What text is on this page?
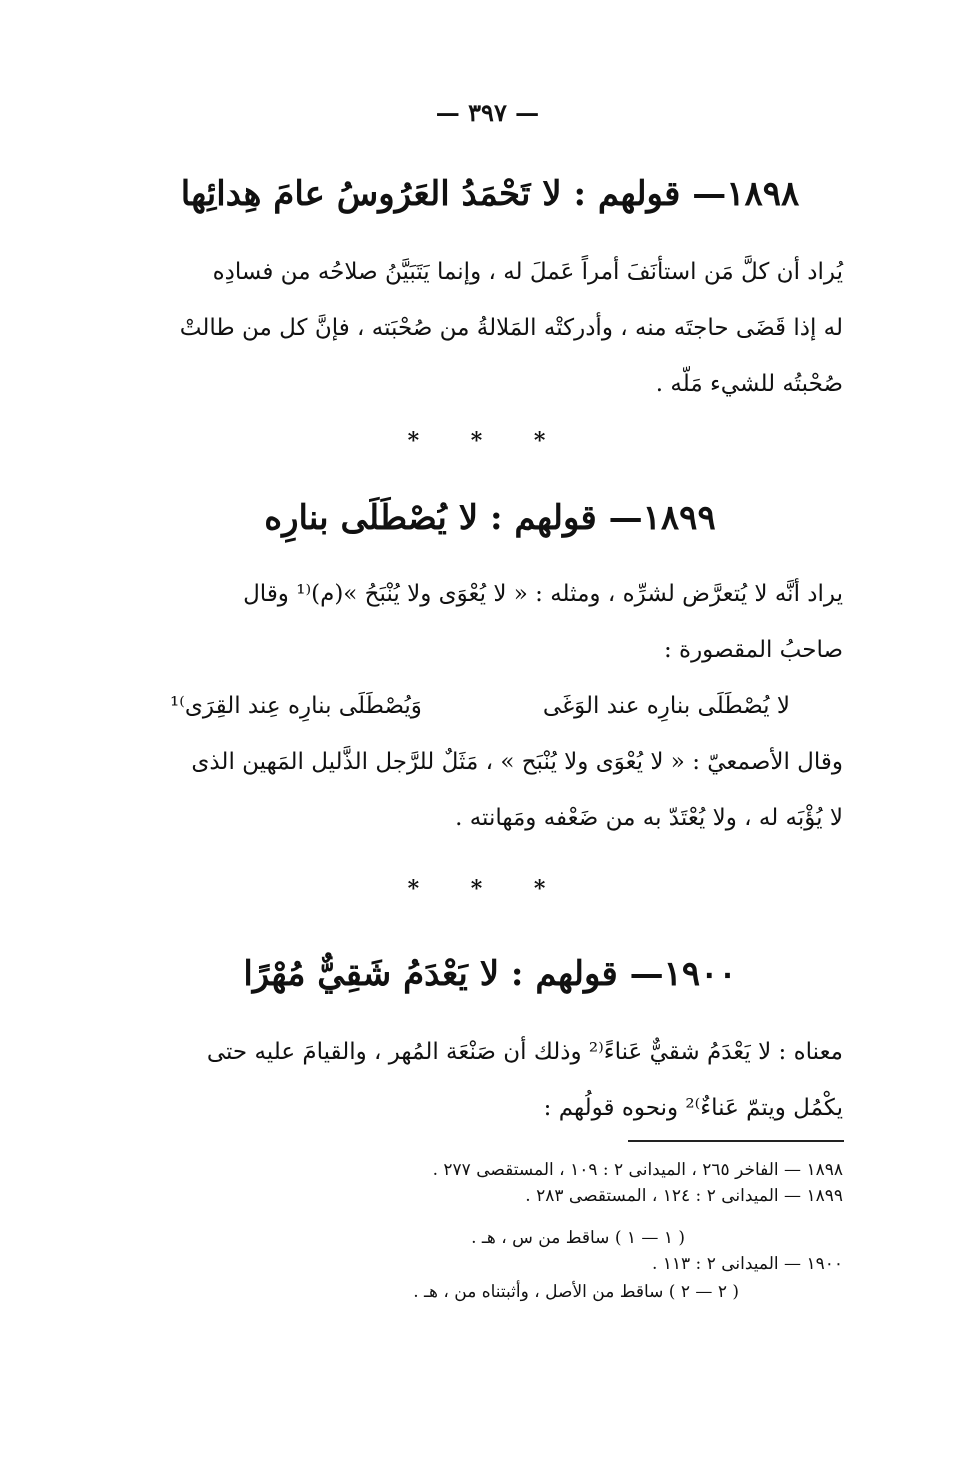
— ٣٩٧ —
١٨٩٨— قولهم : لا تَحْمَدُ العَرُوسُ عامَ هِدائِها
يُراد أن كلَّ مَن استأنَفَ أمراً عَملَ له ، وإنما يَتَبَيَّنُ صلاحُه من فسادِه
له إذا قَضَى حاجتَه منه ، وأدركتْه المَلالةُ من صُحْبَته ، فإنَّ كل من طالتْ
صُحْبتُه للشيء مَلّه .
* * *
١٨٩٩— قولهم : لا يُصْطَلَى بنارِه
يراد أنَّه لا يُتعرَّض لشرِّه ، ومثله : « لا يُعْوَى ولا يُنْبَحُ »(م)⁽¹ وقال
صاحبُ المقصورة :
لا يُصْطَلَى بنارِه عند الوَغَى
وَيُصْطَلَى بنارِه عِند القِرَى⁾¹
وقال الأصمعيّ : « لا يُعْوَى ولا يُنْبَح » ، مَثَلٌ للرَّجل الذَّليل المَهين الذى
لا يُؤْبَه له ، ولا يُعْتَدّ به من ضَعْفه ومَهانته .
* * *
١٩٠٠— قولهم : لا يَعْدَمُ شَقِيٌّ مُهْرًا
معناه : لا يَعْدَمُ شقيٌّ عَناءً⁽² وذلك أن صَنْعَة المُهر ، والقيامَ عليه حتى
يكْمُل ويتمّ عَناءٌ⁾² ونحوه قولُهم :
١٨٩٨ — الفاخر ٢٦٥ ، الميدانى ٢ : ١٠٩ ، المستقصى ٢٧٧ .
١٨٩٩ — الميدانى ٢ : ١٢٤ ، المستقصى ٢٨٣ .
( ١ — ١ ) ساقط من س ، هـ .
١٩٠٠ — الميدانى ٢ : ١١٣ .
( ٢ — ٢ ) ساقط من الأصل ، وأثبتناه من ، هـ .
